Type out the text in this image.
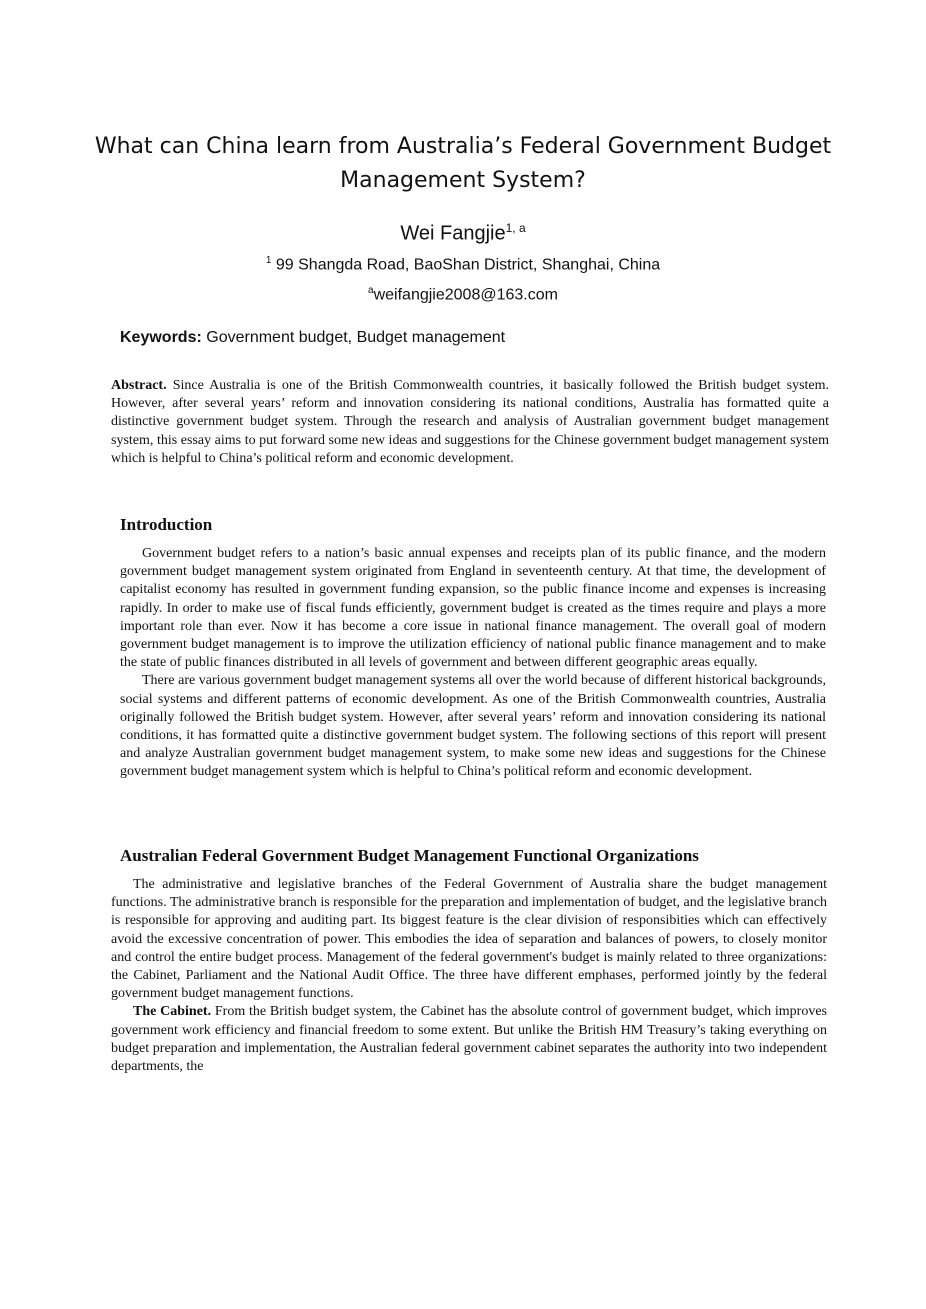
What can China learn from Australia’s Federal Government Budget Management System?
Wei Fangjie$^{1, a}$
$^1$ 99 Shangda Road, BaoShan District, Shanghai, China
$^a$weifangjie2008@163.com
Keywords: Government budget, Budget management

Abstract. Since Australia is one of the British Commonwealth countries, it basically followed the British budget system. However, after several years’ reform and innovation considering its national conditions, Australia has formatted quite a distinctive government budget system. Through the research and analysis of Australian government budget management system, this essay aims to put forward some new ideas and suggestions for the Chinese government budget management system which is helpful to China’s political reform and economic development.

Introduction

Government budget refers to a nation’s basic annual expenses and receipts plan of its public finance, and the modern government budget management system originated from England in seventeenth century. At that time, the development of capitalist economy has resulted in government funding expansion, so the public finance income and expenses is increasing rapidly. In order to make use of fiscal funds efficiently, government budget is created as the times require and plays a more important role than ever. Now it has become a core issue in national finance management. The overall goal of modern government budget management is to improve the utilization efficiency of national public finance management and to make the state of public finances distributed in all levels of government and between different geographic areas equally.

There are various government budget management systems all over the world because of different historical backgrounds, social systems and different patterns of economic development. As one of the British Commonwealth countries, Australia originally followed the British budget system. However, after several years’ reform and innovation considering its national conditions, it has formatted quite a distinctive government budget system. The following sections of this report will present and analyze Australian government budget management system, to make some new ideas and suggestions for the Chinese government budget management system which is helpful to China’s political reform and economic development.

Australian Federal Government Budget Management Functional Organizations

The administrative and legislative branches of the Federal Government of Australia share the budget management functions. The administrative branch is responsible for the preparation and implementation of budget, and the legislative branch is responsible for approving and auditing part. Its biggest feature is the clear division of responsibities which can effectively avoid the excessive concentration of power. This embodies the idea of separation and balances of powers, to closely monitor and control the entire budget process. Management of the federal government's budget is mainly related to three organizations: the Cabinet, Parliament and the National Audit Office. The three have different emphases, performed jointly by the federal government budget management functions.

The Cabinet. From the British budget system, the Cabinet has the absolute control of government budget, which improves government work efficiency and financial freedom to some extent. But unlike the British HM Treasury’s taking everything on budget preparation and implementation, the Australian federal government cabinet separates the authority into two independent departments, the
